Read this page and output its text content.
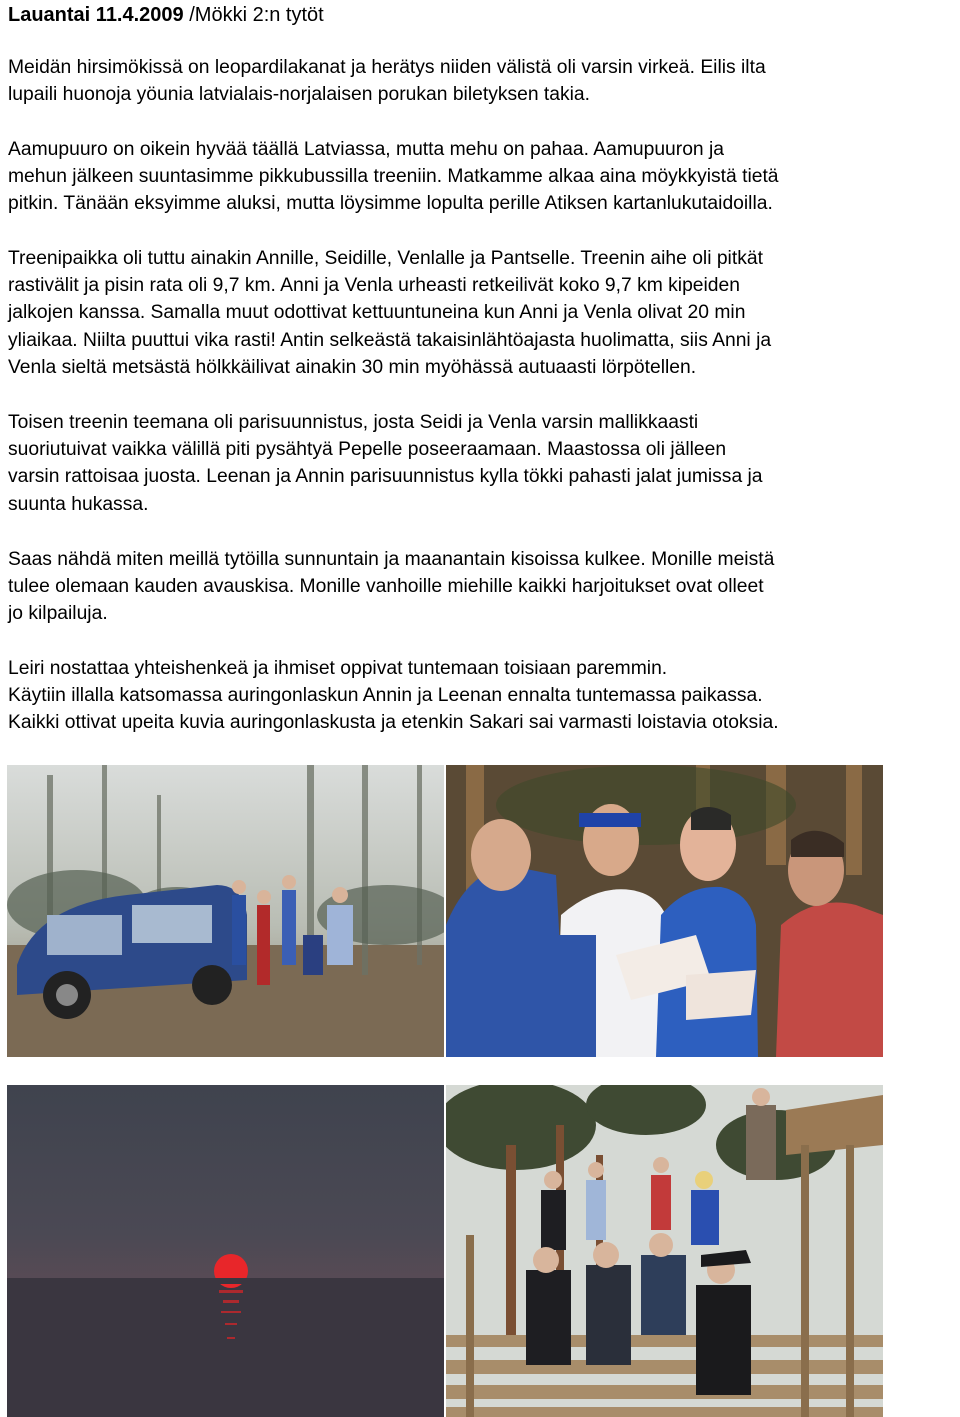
Lauantai 11.4.2009 /Mökki 2:n tytöt

Meidän hirsimökissä on leopardilakanat ja herätys niiden välistä oli varsin virkeä. Eilis ilta
lupaili huonoja yöunia latvialais-norjalaisen porukan biletyksen takia.

Aamupuuro on oikein hyvää täällä Latviassa, mutta mehu on pahaa. Aamupuuron ja
mehun jälkeen suuntasimme pikkubussilla treeniin. Matkamme alkaa aina möykkyistä tietä
pitkin. Tänään eksyimme aluksi, mutta löysimme lopulta perille Atiksen kartanlukutaidoilla.

Treenipaikka oli tuttu ainakin Annille, Seidille, Venlalle ja Pantselle. Treenin aihe oli pitkät
rastivälit ja pisin rata oli 9,7 km. Anni ja Venla urheasti retkeilivät koko 9,7 km kipeiden
jalkojen kanssa. Samalla muut odottivat kettuuntuneina kun Anni ja Venla olivat 20 min
yliaikaa. Niilta puuttui vika rasti! Antin selkeästä takaisinlähtöajasta huolimatta, siis Anni ja
Venla sieltä metsästä hölkkäilivat ainakin 30 min myöhässä autuaasti lörpötellen.

Toisen treenin teemana oli parisuunnistus, josta Seidi ja Venla varsin mallikkaasti
suoriutuivat vaikka välillä piti pysähtyä Pepelle poseeraamaan. Maastossa oli jälleen
varsin rattoisaa juosta. Leenan ja Annin parisuunnistus kylla tökki pahasti jalat jumissa ja
suunta hukassa.

Saas nähdä miten meillä tytöilla sunnuntain ja maanantain kisoissa kulkee. Monille meistä
tulee olemaan kauden avauskisa. Monille vanhoille miehille kaikki harjoitukset ovat olleet
jo kilpailuja.

Leiri nostattaa yhteishenkeä ja ihmiset oppivat tuntemaan toisiaan paremmin.
Käytiin illalla katsomassa auringonlaskun Annin ja Leenan ennalta tuntemassa paikassa.
Kaikki ottivat upeita kuvia auringonlaskusta ja etenkin Sakari sai varmasti loistavia otoksia.
